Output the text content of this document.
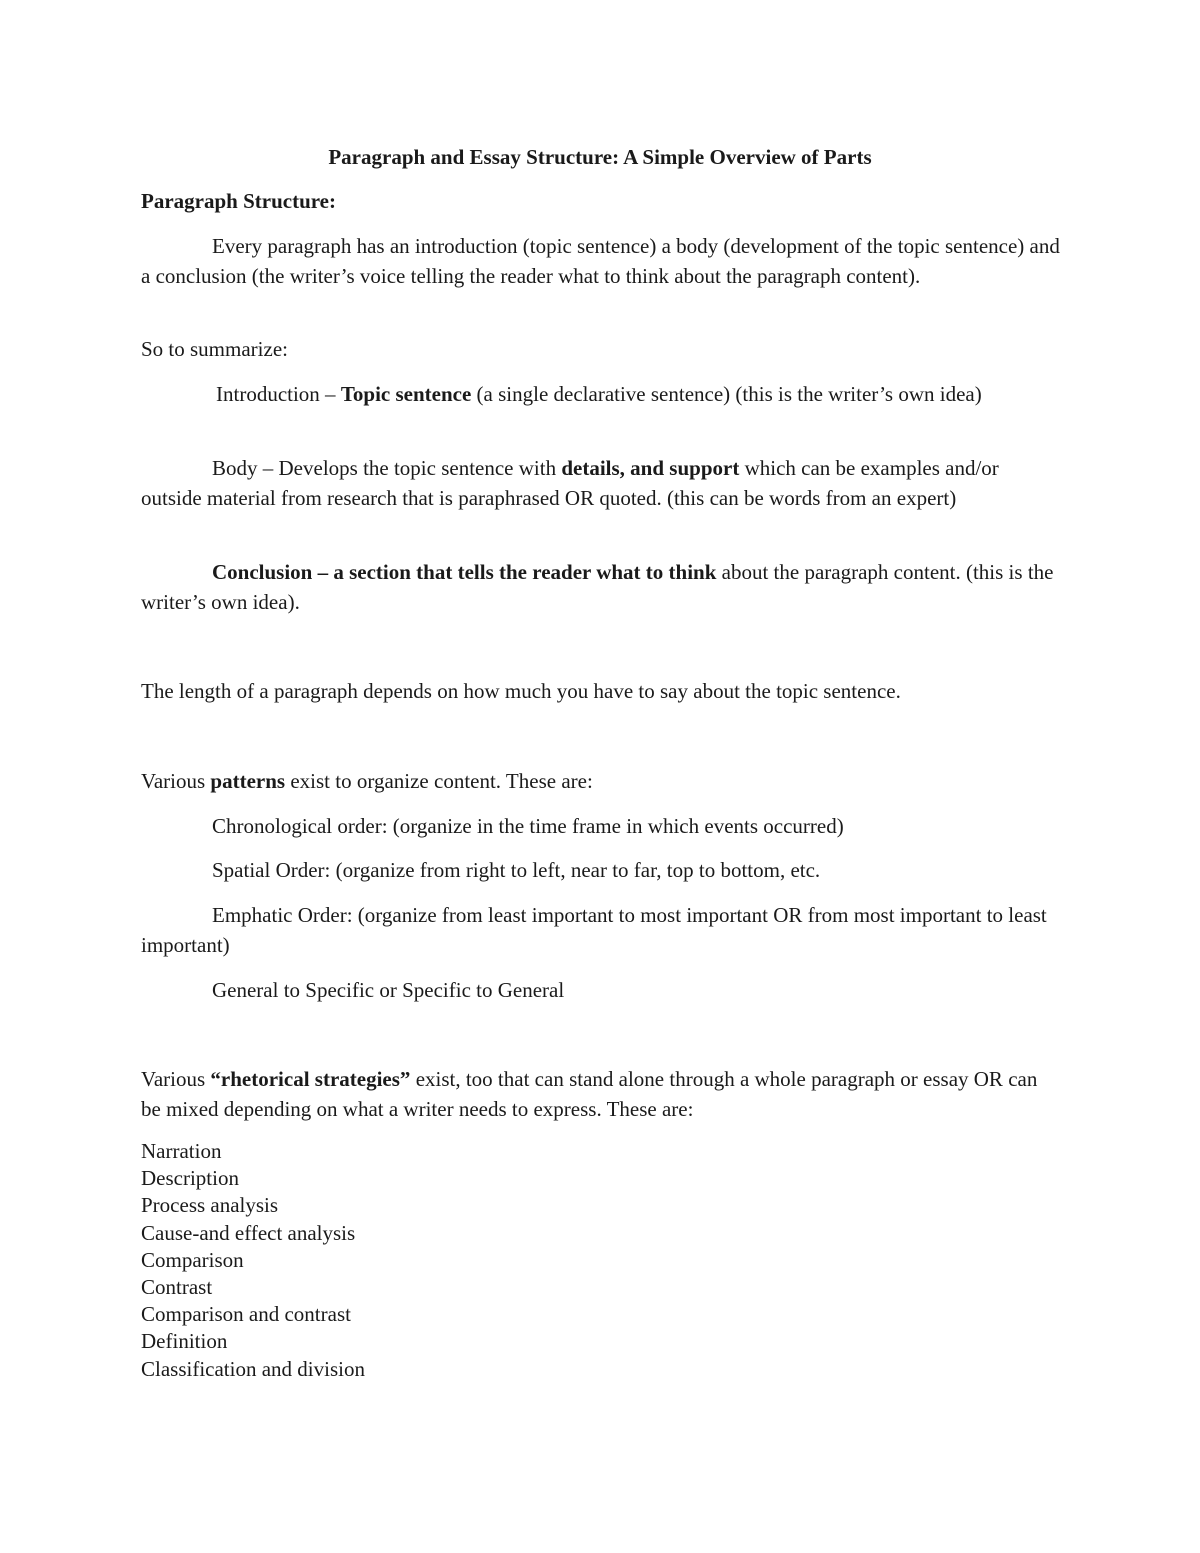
Paragraph and Essay Structure: A Simple Overview of Parts

Paragraph Structure:

Every paragraph has an introduction (topic sentence) a body (development of the topic sentence) and a conclusion (the writer’s voice telling the reader what to think about the paragraph content).

So to summarize:

Introduction – Topic sentence (a single declarative sentence) (this is the writer’s own idea)

Body – Develops the topic sentence with details, and support which can be examples and/or outside material from research that is paraphrased OR quoted. (this can be words from an expert)

Conclusion – a section that tells the reader what to think about the paragraph content. (this is the writer’s own idea).

The length of a paragraph depends on how much you have to say about the topic sentence.

Various patterns exist to organize content. These are:

Chronological order: (organize in the time frame in which events occurred)

Spatial Order: (organize from right to left, near to far, top to bottom, etc.

Emphatic Order: (organize from least important to most important OR from most important to least important)

General to Specific or Specific to General

Various “rhetorical strategies” exist, too that can stand alone through a whole paragraph or essay OR can be mixed depending on what a writer needs to express. These are:

Narration
Description
Process analysis
Cause-and effect analysis
Comparison
Contrast
Comparison and contrast
Definition
Classification and division
